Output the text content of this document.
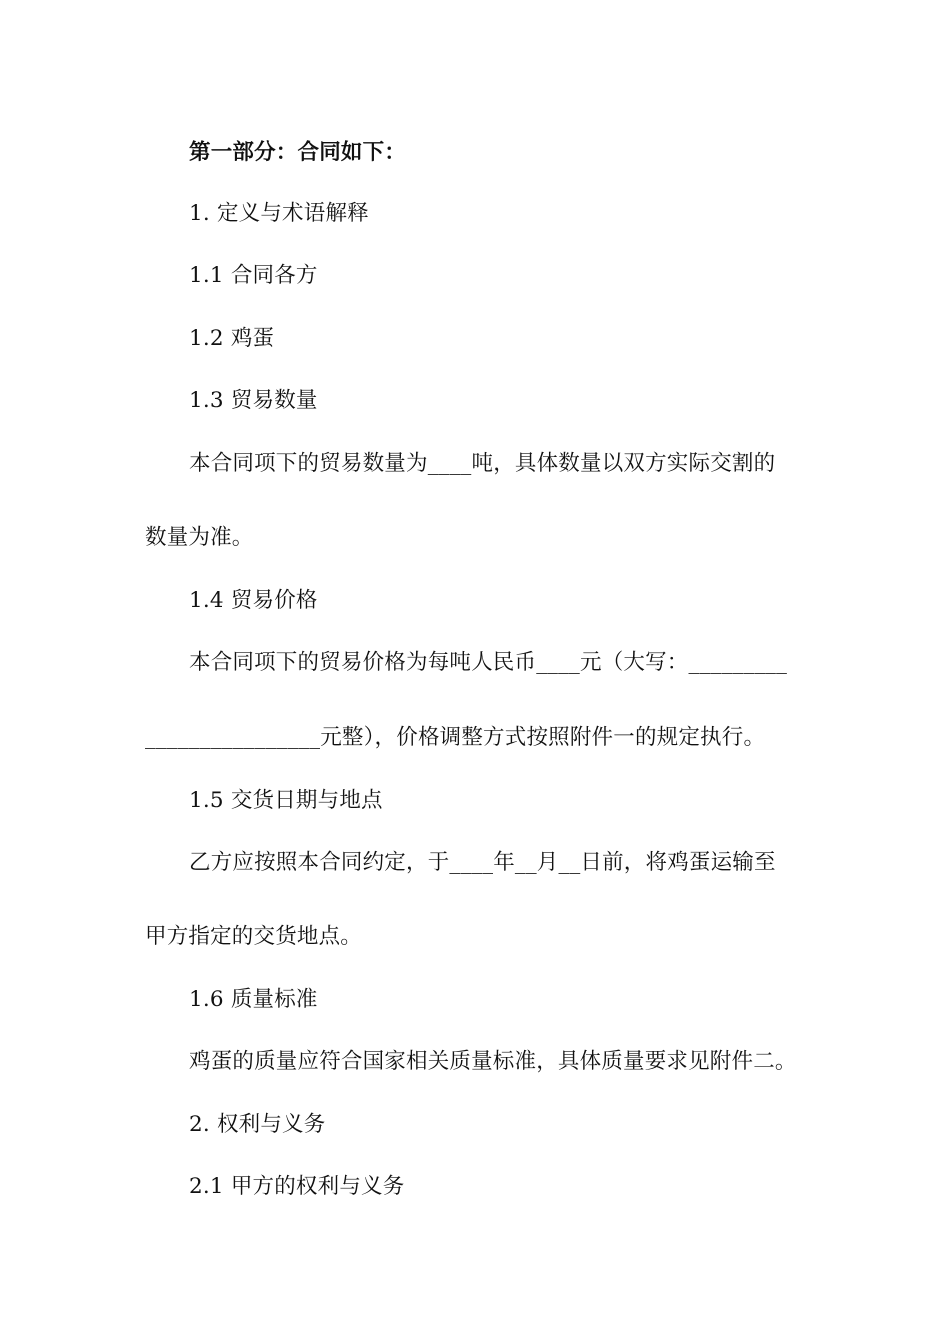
第一部分：合同如下：
1. 定义与术语解释
1.1 合同各方
1.2 鸡蛋
1.3 贸易数量
本合同项下的贸易数量为____吨，具体数量以双方实际交割的
数量为准。
1.4 贸易价格
本合同项下的贸易价格为每吨人民币____元（大写：_________
________________元整），价格调整方式按照附件一的规定执行。
1.5 交货日期与地点
乙方应按照本合同约定，于____年__月__日前，将鸡蛋运输至
甲方指定的交货地点。
1.6 质量标准
鸡蛋的质量应符合国家相关质量标准，具体质量要求见附件二。
2. 权利与义务
2.1 甲方的权利与义务
